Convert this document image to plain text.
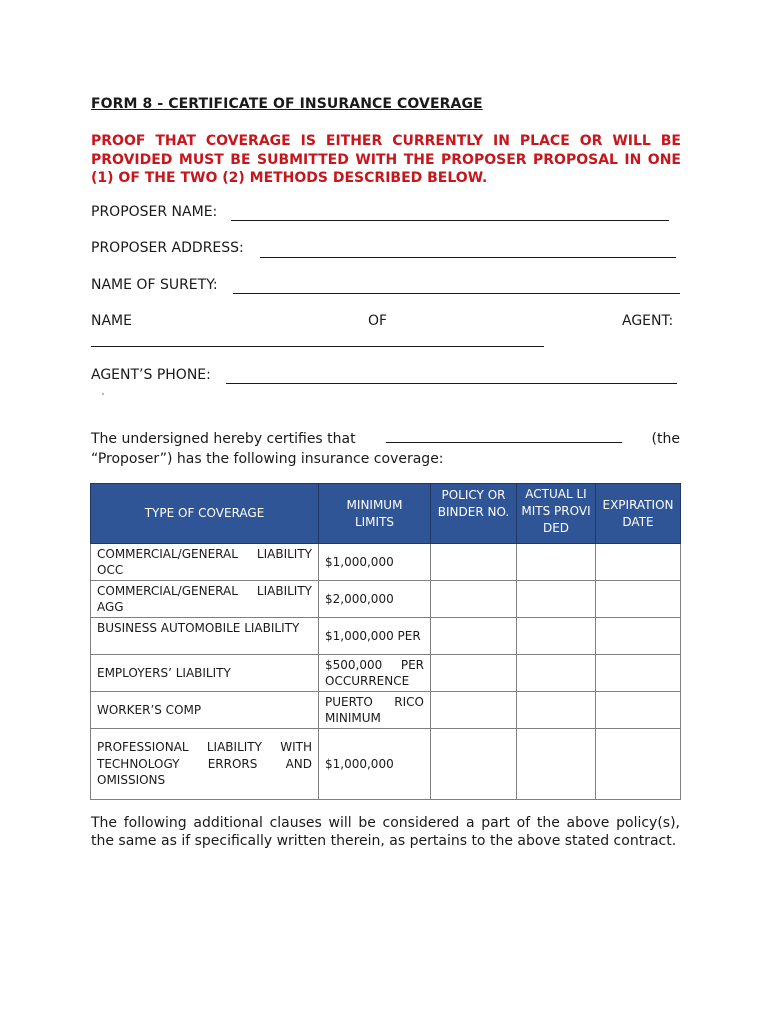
FORM 8 - CERTIFICATE OF INSURANCE COVERAGE
PROOF THAT COVERAGE IS EITHER CURRENTLY IN PLACE OR WILL BE PROVIDED MUST BE SUBMITTED WITH THE PROPOSER PROPOSAL IN ONE (1) OF THE TWO (2) METHODS DESCRIBED BELOW.
PROPOSER NAME:
PROPOSER ADDRESS:
NAME OF SURETY:
NAME	OF	AGENT:
AGENT’S PHONE:
The undersigned hereby certifies that	(the
“Proposer”) has the following insurance coverage:
TYPE OF COVERAGE	MINIMUM LIMITS	POLICY OR BINDER NO.	ACTUAL LIMITS PROVIDED	EXPIRATION DATE
COMMERCIAL/GENERAL LIABILITY OCC	$1,000,000			
COMMERCIAL/GENERAL LIABILITY AGG	$2,000,000			
BUSINESS AUTOMOBILE LIABILITY	$1,000,000 PER			
EMPLOYERS’ LIABILITY	$500,000 PER OCCURRENCE			
WORKER’S COMP	PUERTO RICO MINIMUM			
PROFESSIONAL LIABILITY WITH TECHNOLOGY ERRORS AND OMISSIONS	$1,000,000			
The following additional clauses will be considered a part of the above policy(s), the same as if specifically written therein, as pertains to the above stated contract.
